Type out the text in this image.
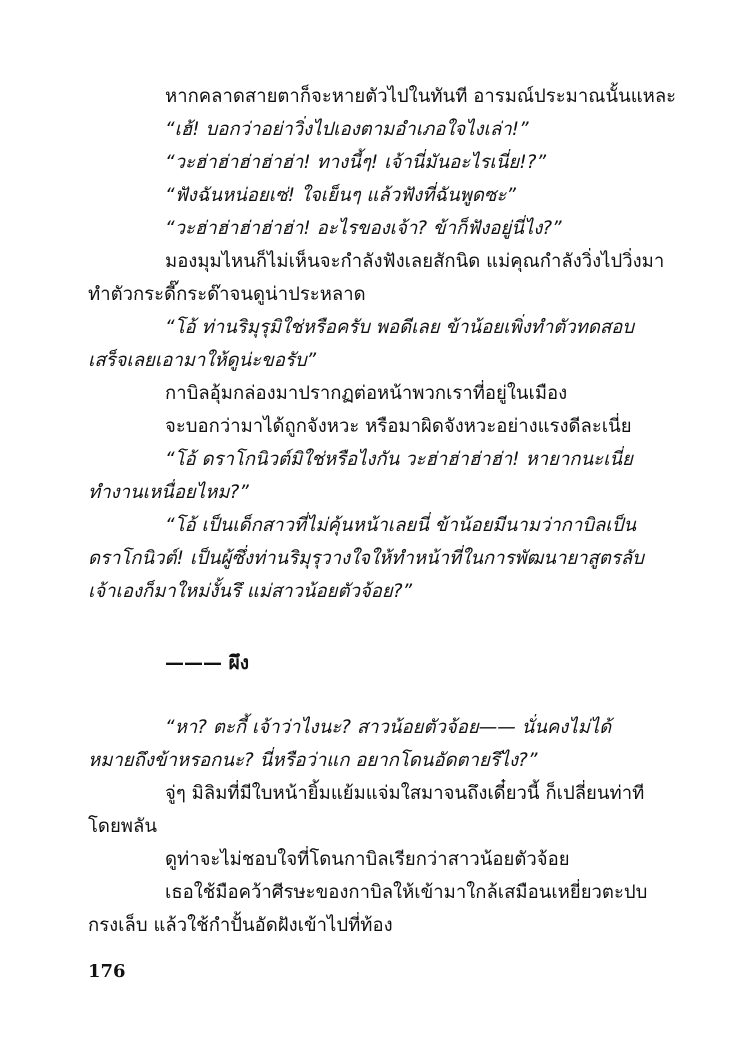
หากคลาดสายตาก็จะหายตัวไปในทันที อารมณ์ประมาณนั้นแหละ

“เฮ้! บอกว่าอย่าวิ่งไปเองตามอำเภอใจไงเล่า!”

“วะฮ่าฮ่าฮ่าฮ่าฮ่า! ทางนี้ๆ! เจ้านี่มันอะไรเนี่ย!?”

“ฟังฉันหน่อยเซ่! ใจเย็นๆ แล้วฟังที่ฉันพูดซะ”

“วะฮ่าฮ่าฮ่าฮ่าฮ่า! อะไรของเจ้า? ข้าก็ฟังอยู่นี่ไง?”

มองมุมไหนก็ไม่เห็นจะกำลังฟังเลยสักนิด แม่คุณกำลังวิ่งไปวิ่งมา

ทำตัวกระดี๊กระด๊าจนดูน่าประหลาด

“โอ้ ท่านริมุรุมิใช่หรือครับ พอดีเลย ข้าน้อยเพิ่งทำตัวทดสอบ

เสร็จเลยเอามาให้ดูน่ะขอรับ”

กาบิลอุ้มกล่องมาปรากฏต่อหน้าพวกเราที่อยู่ในเมือง

จะบอกว่ามาได้ถูกจังหวะ หรือมาผิดจังหวะอย่างแรงดีละเนี่ย

“โอ้ ดราโกนิวต์มิใช่หรือไงกัน วะฮ่าฮ่าฮ่าฮ่า! หายากนะเนี่ย

ทำงานเหนื่อยไหม?”

“โอ้ เป็นเด็กสาวที่ไม่คุ้นหน้าเลยนี่ ข้าน้อยมีนามว่ากาบิลเป็น

ดราโกนิวต์! เป็นผู้ซึ่งท่านริมุรุวางใจให้ทำหน้าที่ในการพัฒนายาสูตรลับ

เจ้าเองก็มาใหม่งั้นรึ แม่สาวน้อยตัวจ้อย?”

——— ผึง

“หา? ตะกี้ เจ้าว่าไงนะ? สาวน้อยตัวจ้อย—— นั่นคงไม่ได้

หมายถึงข้าหรอกนะ? นี่หรือว่าแก อยากโดนอัดตายรึไง?”

จู่ๆ มิลิมที่มีใบหน้ายิ้มแย้มแจ่มใสมาจนถึงเดี๋ยวนี้ ก็เปลี่ยนท่าที

โดยพลัน

ดูท่าจะไม่ชอบใจที่โดนกาบิลเรียกว่าสาวน้อยตัวจ้อย

เธอใช้มือคว้าศีรษะของกาบิลให้เข้ามาใกล้เสมือนเหยี่ยวตะปบ

กรงเล็บ แล้วใช้กำปั้นอัดฝังเข้าไปที่ท้อง

176
